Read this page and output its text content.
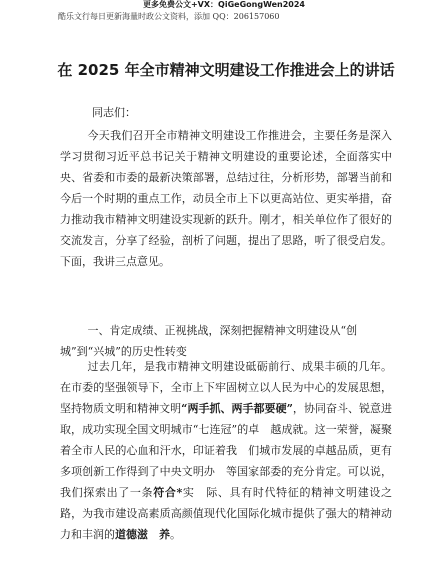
更多免费公文+VX：QiGeGongWen2024
酷乐文行每日更新海量时政公文资料，添加 QQ：206157060
在 2025 年全市精神文明建设工作推进会上的讲话
同志们：

今天我们召开全市精神文明建设工作推进会，主要任务是深入学习贯彻习近平总书记关于精神文明建设的重要论述，全面落实中央、省委和市委的最新决策部署，总结过往，分析形势，部署当前和今后一个时期的重点工作，动员全市上下以更高站位、更实举措，奋力推动我市精神文明建设实现新的跃升。刚才，相关单位作了很好的交流发言，分享了经验，剖析了问题，提出了思路，听了很受启发。下面，我讲三点意见。

一、肯定成绩、正视挑战，深刻把握精神文明建设从“创城”到“兴城”的历史性转变

过去几年，是我市精神文明建设砥砺前行、成果丰硕的几年。在市委的坚强领导下，全市上下牢固树立以人民为中心的发展思想，坚持物质文明和精神文明“两手抓、两手都要硬”，协同奋斗、锐意进取，成功实现全国文明城市“七连冠”的卓　越成就。这一荣誉，凝聚着全市人民的心血和汗水，印证着我　们城市发展的卓越品质，更有多项创新工作得到了中央文明办　等国家部委的充分肯定。可以说，我们探索出了一条符合*实　际、具有时代特征的精神文明建设之路，为我市建设高素质高颜值现代化国际化城市提供了强大的精神动力和丰润的道德滋　养。
